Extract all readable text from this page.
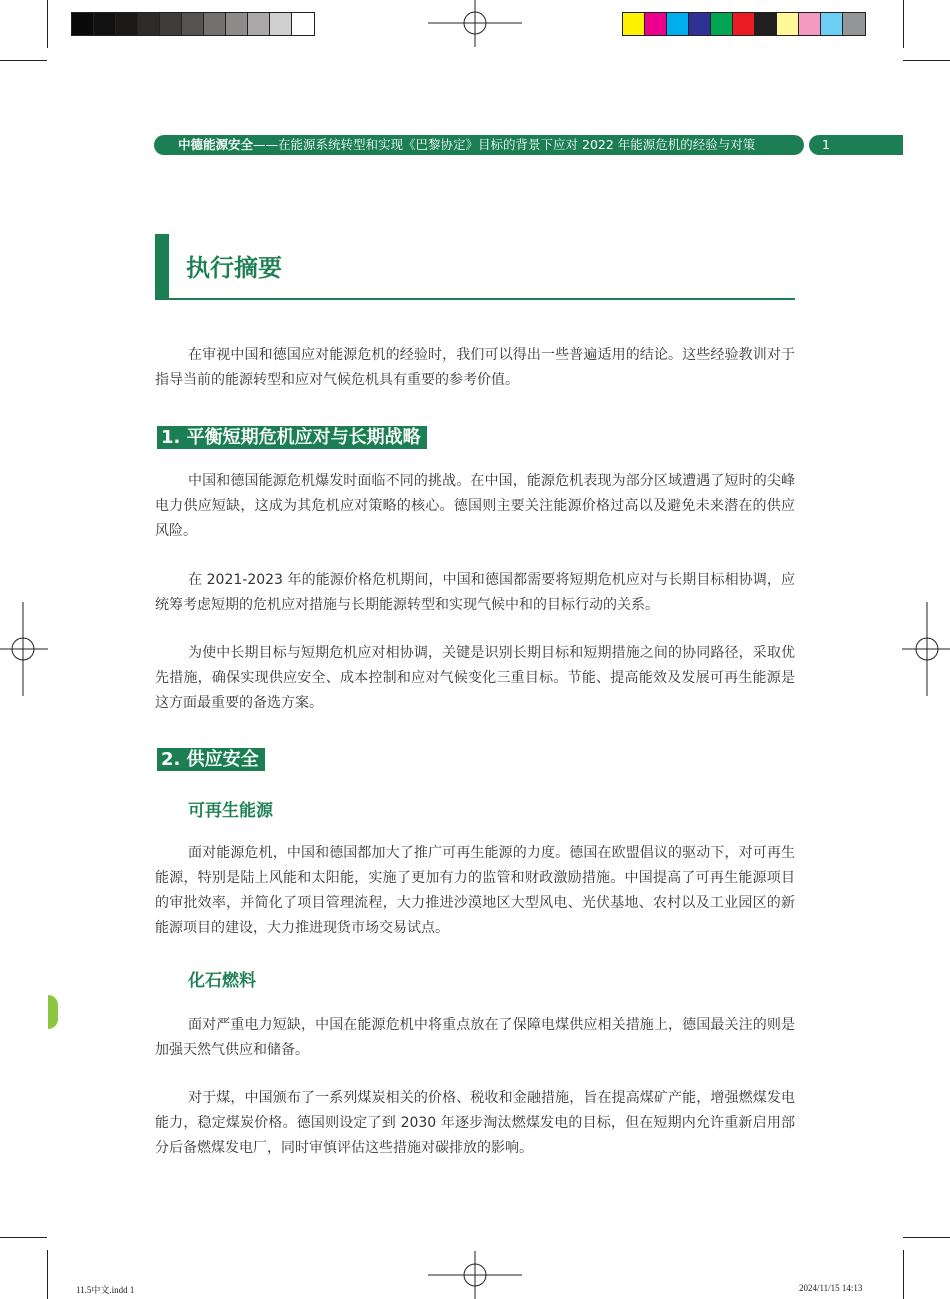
中德能源安全——在能源系统转型和实现《巴黎协定》目标的背景下应对 2022 年能源危机的经验与对策	1
执行摘要

在审视中国和德国应对能源危机的经验时，我们可以得出一些普遍适用的结论。这些经验教训对于指导当前的能源转型和应对气候危机具有重要的参考价值。

1. 平衡短期危机应对与长期战略

中国和德国能源危机爆发时面临不同的挑战。在中国，能源危机表现为部分区域遭遇了短时的尖峰电力供应短缺，这成为其危机应对策略的核心。德国则主要关注能源价格过高以及避免未来潜在的供应风险。

在 2021-2023 年的能源价格危机期间，中国和德国都需要将短期危机应对与长期目标相协调，应统筹考虑短期的危机应对措施与长期能源转型和实现气候中和的目标行动的关系。

为使中长期目标与短期危机应对相协调，关键是识别长期目标和短期措施之间的协同路径，采取优先措施，确保实现供应安全、成本控制和应对气候变化三重目标。节能、提高能效及发展可再生能源是这方面最重要的备选方案。

2. 供应安全
可再生能源

面对能源危机，中国和德国都加大了推广可再生能源的力度。德国在欧盟倡议的驱动下，对可再生能源，特别是陆上风能和太阳能，实施了更加有力的监管和财政激励措施。中国提高了可再生能源项目的审批效率，并简化了项目管理流程，大力推进沙漠地区大型风电、光伏基地、农村以及工业园区的新能源项目的建设，大力推进现货市场交易试点。

化石燃料

面对严重电力短缺，中国在能源危机中将重点放在了保障电煤供应相关措施上，德国最关注的则是加强天然气供应和储备。

对于煤，中国颁布了一系列煤炭相关的价格、税收和金融措施，旨在提高煤矿产能，增强燃煤发电能力，稳定煤炭价格。德国则设定了到 2030 年逐步淘汰燃煤发电的目标，但在短期内允许重新启用部分后备燃煤发电厂，同时审慎评估这些措施对碳排放的影响。

11.5中文.indd 1	2024/11/15 14:13
